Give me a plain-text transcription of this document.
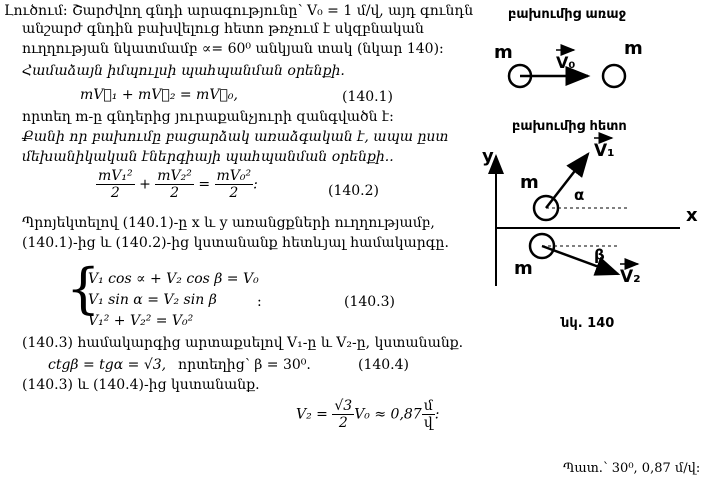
Լուծում: Շարժվող գնդի արագությունը՝ V₀ = 1 մ/վ, այդ գունդն
անշարժ գնդին բախվելուց հետո թռչում է սկզբնական
ուղղության նկատմամբ ∝= 60⁰ անկյան տակ (նկար 140):
Համաձայն իմպուլսի պահպանման օրենքի.
mV⃗₁ + mV⃗₂ = mV⃗₀,	(140.1)
որտեղ m-ը գնդերից յուրաքանչյուրի զանգվածն է:
Քանի որ բախումը բացարձակ առաձգական է, ապա ըստ
մեխանիկական էներգիայի պահպանման օրենքի..
$\frac{\text{mV₁²}}{2} + \frac{\text{mV₂²}}{2} = \frac{\text{mV₀²}}{2}$ :	(140.2)
Պրոյեկտելով (140.1)-ը x և y առանցքների ուղղությամբ,
(140.1)-ից և (140.2)-ից կստանանք հետևյալ համակարգը.
{
V₁ cos ∝ + V₂ cos β = V₀
V₁ sin α = V₂ sin β	:
V₁² + V₂² = V₀²
(140.3)
(140.3) համակարգից արտաքսելով V₁-ը և V₂-ը, կստանանք.
ctgβ = tgα = √3, որտեղից՝ β = 30⁰.	(140.4)
(140.3) և (140.4)-ից կստանանք.
$V_2 = \frac{√3}{2} V_0 \approx 0,87 \frac{\text{մ}}{\text{վ}}$ :
Պատ.՝ 30⁰, 0,87 մ/վ:
բախումից առաջ
բախումից հետո
նկ. 140
m	V₀
m
y
x
m
α
V₁
m
β
V₂
